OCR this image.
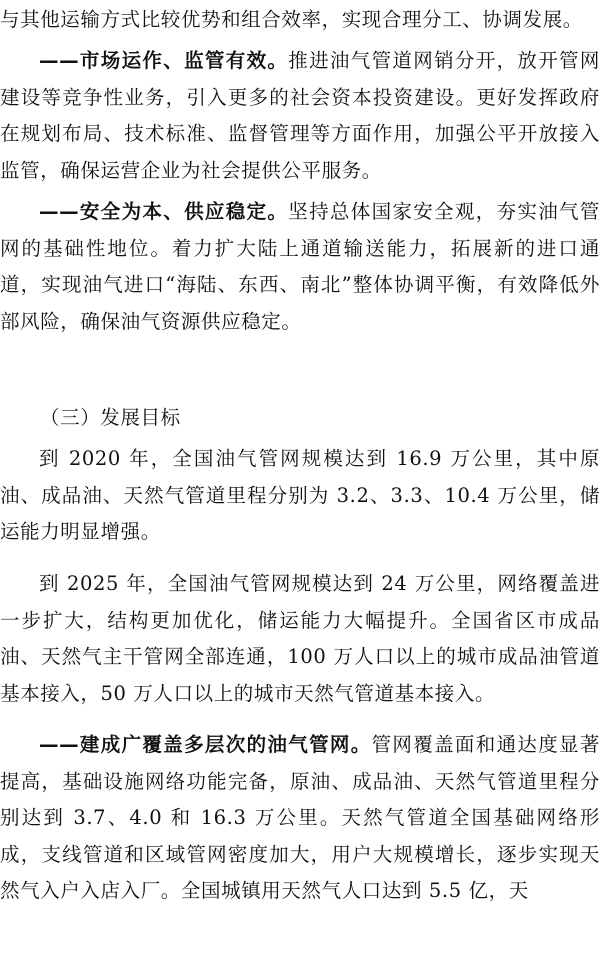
与其他运输方式比较优势和组合效率，实现合理分工、协调发展。

——市场运作、监管有效。推进油气管道网销分开，放开管网建设等竞争性业务，引入更多的社会资本投资建设。更好发挥政府在规划布局、技术标准、监督管理等方面作用，加强公平开放接入监管，确保运营企业为社会提供公平服务。

——安全为本、供应稳定。坚持总体国家安全观，夯实油气管网的基础性地位。着力扩大陆上通道输送能力，拓展新的进口通道，实现油气进口“海陆、东西、南北”整体协调平衡，有效降低外部风险，确保油气资源供应稳定。

（三）发展目标

到 2020 年，全国油气管网规模达到 16.9 万公里，其中原油、成品油、天然气管道里程分别为 3.2、3.3、10.4 万公里，储运能力明显增强。

到 2025 年，全国油气管网规模达到 24 万公里，网络覆盖进一步扩大，结构更加优化，储运能力大幅提升。全国省区市成品油、天然气主干管网全部连通，100 万人口以上的城市成品油管道基本接入，50 万人口以上的城市天然气管道基本接入。

——建成广覆盖多层次的油气管网。管网覆盖面和通达度显著提高，基础设施网络功能完备，原油、成品油、天然气管道里程分别达到 3.7、4.0 和 16.3 万公里。天然气管道全国基础网络形成，支线管道和区域管网密度加大，用户大规模增长，逐步实现天然气入户入店入厂。全国城镇用天然气人口达到 5.5 亿，天
